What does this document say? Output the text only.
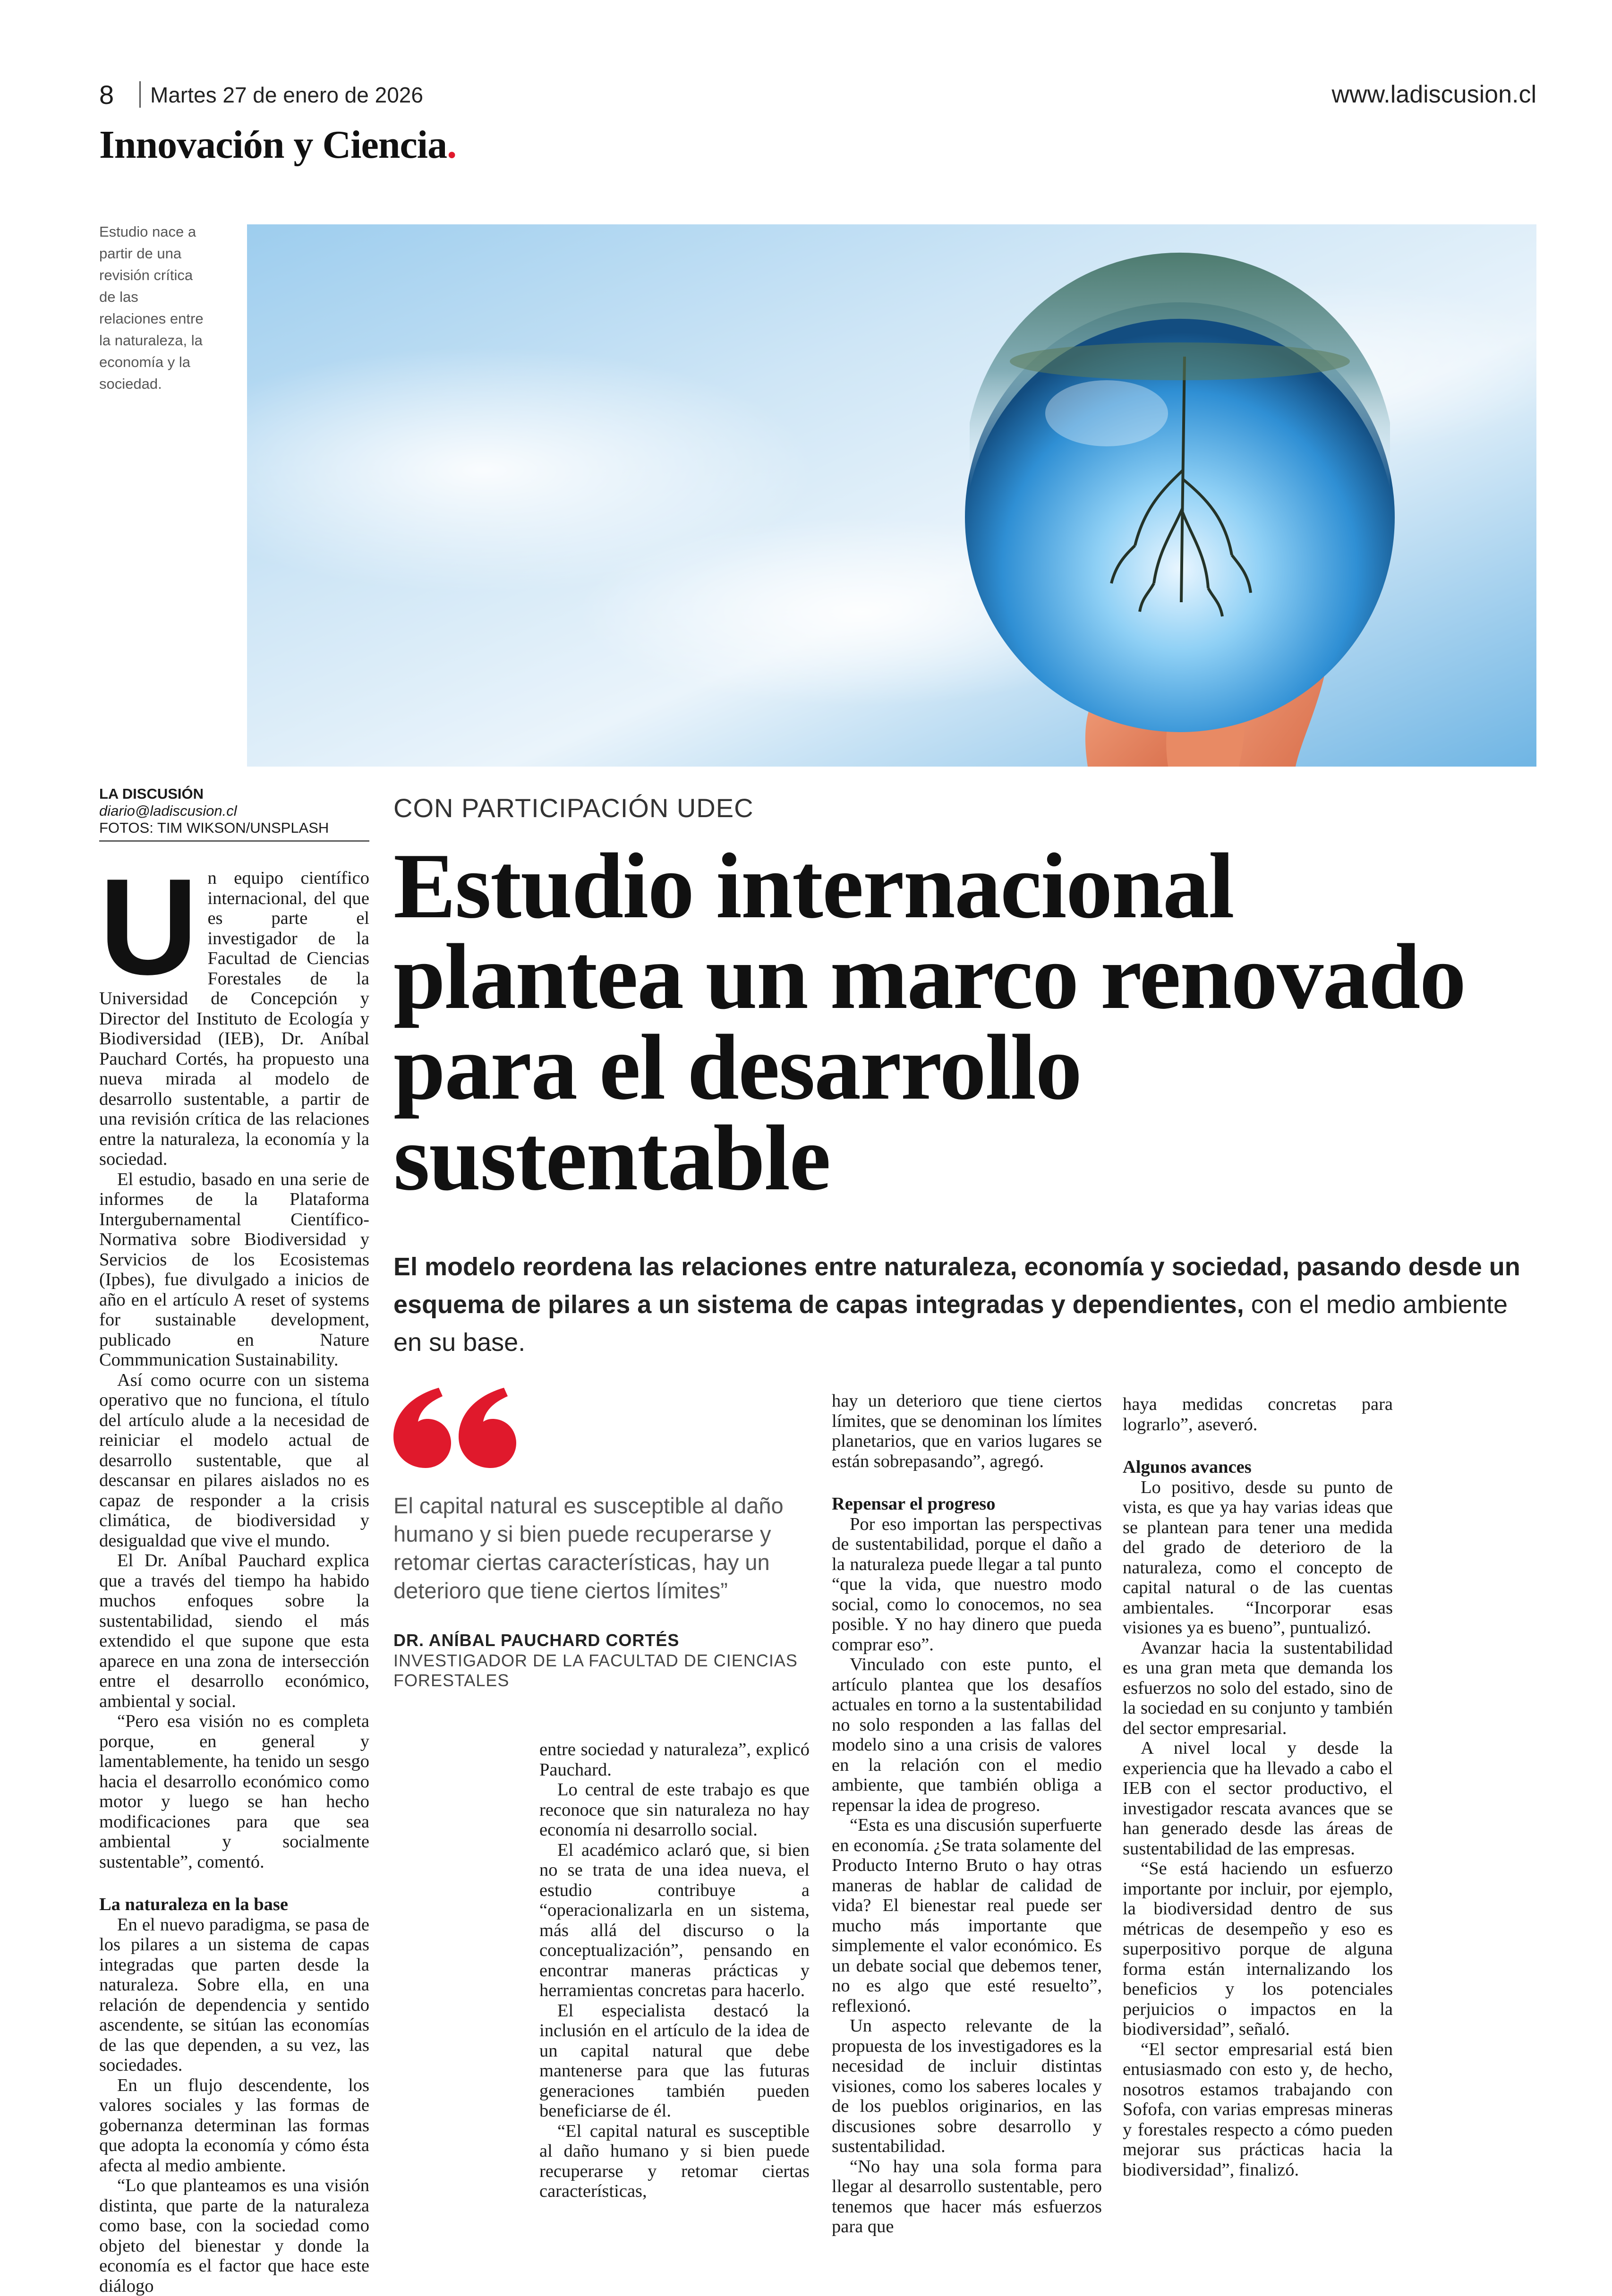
8 Martes 27 de enero de 2026	www.ladiscusion.cl
Innovación y Ciencia.
Estudio nace a partir de una revisión crítica de las relaciones entre la naturaleza, la economía y la sociedad.
LA DISCUSIÓN
diario@ladiscusion.cl
FOTOS: TIM WIKSON/UNSPLASH
CON PARTICIPACIÓN UDEC
Estudio internacional plantea un marco renovado para el desarrollo sustentable
El modelo reordena las relaciones entre naturaleza, economía y sociedad, pasando desde un esquema de pilares a un sistema de capas integradas y dependientes, con el medio ambiente en su base.
U n equipo científico internacional, del que es parte el investigador de la Facultad de Ciencias Forestales de la Universidad de Concepción y Director del Instituto de Ecología y Biodiversidad (IEB), Dr. Aníbal Pauchard Cortés, ha propuesto una nueva mirada al modelo de desarrollo sustentable, a partir de una revisión crítica de las relaciones entre la naturaleza, la economía y la sociedad.

El estudio, basado en una serie de informes de la Plataforma Intergubernamental Científico-Normativa sobre Biodiversidad y Servicios de los Ecosistemas (Ipbes), fue divulgado a inicios de año en el artículo A reset of systems for sustainable development, publicado en Nature Commmunication Sustainability.

Así como ocurre con un sistema operativo que no funciona, el título del artículo alude a la necesidad de reiniciar el modelo actual de desarrollo sustentable, que al descansar en pilares aislados no es capaz de responder a la crisis climática, de biodiversidad y desigualdad que vive el mundo.

El Dr. Aníbal Pauchard explica que a través del tiempo ha habido muchos enfoques sobre la sustentabilidad, siendo el más extendido el que supone que esta aparece en una zona de intersección entre el desarrollo económico, ambiental y social.

“Pero esa visión no es completa porque, en general y lamentablemente, ha tenido un sesgo hacia el desarrollo económico como motor y luego se han hecho modificaciones para que sea ambiental y socialmente sustentable”, comentó.

La naturaleza en la base

En el nuevo paradigma, se pasa de los pilares a un sistema de capas integradas que parten desde la naturaleza. Sobre ella, en una relación de dependencia y sentido ascendente, se sitúan las economías de las que dependen, a su vez, las sociedades.

En un flujo descendente, los valores sociales y las formas de gobernanza determinan las formas que adopta la economía y cómo ésta afecta al medio ambiente.

“Lo que planteamos es una visión distinta, que parte de la naturaleza como base, con la sociedad como objeto del bienestar y donde la economía es el factor que hace este diálogo

El capital natural es susceptible al daño humano y si bien puede recuperarse y retomar ciertas características, hay un deterioro que tiene ciertos límites”
DR. ANÍBAL PAUCHARD CORTÉS
INVESTIGADOR DE LA FACULTAD DE CIENCIAS FORESTALES

entre sociedad y naturaleza”, explicó Pauchard.

Lo central de este trabajo es que reconoce que sin naturaleza no hay economía ni desarrollo social.

El académico aclaró que, si bien no se trata de una idea nueva, el estudio contribuye a “operacionalizarla en un sistema, más allá del discurso o la conceptualización”, pensando en encontrar maneras prácticas y herramientas concretas para hacerlo.

El especialista destacó la inclusión en el artículo de la idea de un capital natural que debe mantenerse para que las futuras generaciones también pueden beneficiarse de él.

“El capital natural es susceptible al daño humano y si bien puede recuperarse y retomar ciertas características,

hay un deterioro que tiene ciertos límites, que se denominan los límites planetarios, que en varios lugares se están sobrepasando”, agregó.

Repensar el progreso

Por eso importan las perspectivas de sustentabilidad, porque el daño a la naturaleza puede llegar a tal punto “que la vida, que nuestro modo social, como lo conocemos, no sea posible. Y no hay dinero que pueda comprar eso”.

Vinculado con este punto, el artículo plantea que los desafíos actuales en torno a la sustentabilidad no solo responden a las fallas del modelo sino a una crisis de valores en la relación con el medio ambiente, que también obliga a repensar la idea de progreso.

“Esta es una discusión superfuerte en economía. ¿Se trata solamente del Producto Interno Bruto o hay otras maneras de hablar de calidad de vida? El bienestar real puede ser mucho más importante que simplemente el valor económico. Es un debate social que debemos tener, no es algo que esté resuelto”, reflexionó.

Un aspecto relevante de la propuesta de los investigadores es la necesidad de incluir distintas visiones, como los saberes locales y de los pueblos originarios, en las discusiones sobre desarrollo y sustentabilidad.

“No hay una sola forma para llegar al desarrollo sustentable, pero tenemos que hacer más esfuerzos para que

haya medidas concretas para lograrlo”, aseveró.

Algunos avances

Lo positivo, desde su punto de vista, es que ya hay varias ideas que se plantean para tener una medida del grado de deterioro de la naturaleza, como el concepto de capital natural o de las cuentas ambientales. “Incorporar esas visiones ya es bueno”, puntualizó.

Avanzar hacia la sustentabilidad es una gran meta que demanda los esfuerzos no solo del estado, sino de la sociedad en su conjunto y también del sector empresarial.

A nivel local y desde la experiencia que ha llevado a cabo el IEB con el sector productivo, el investigador rescata avances que se han generado desde las áreas de sustentabilidad de las empresas.

“Se está haciendo un esfuerzo importante por incluir, por ejemplo, la biodiversidad dentro de sus métricas de desempeño y eso es superpositivo porque de alguna forma están internalizando los beneficios y los potenciales perjuicios o impactos en la biodiversidad”, señaló.

“El sector empresarial está bien entusiasmado con esto y, de hecho, nosotros estamos trabajando con Sofofa, con varias empresas mineras y forestales respecto a cómo pueden mejorar sus prácticas hacia la biodiversidad”, finalizó.
